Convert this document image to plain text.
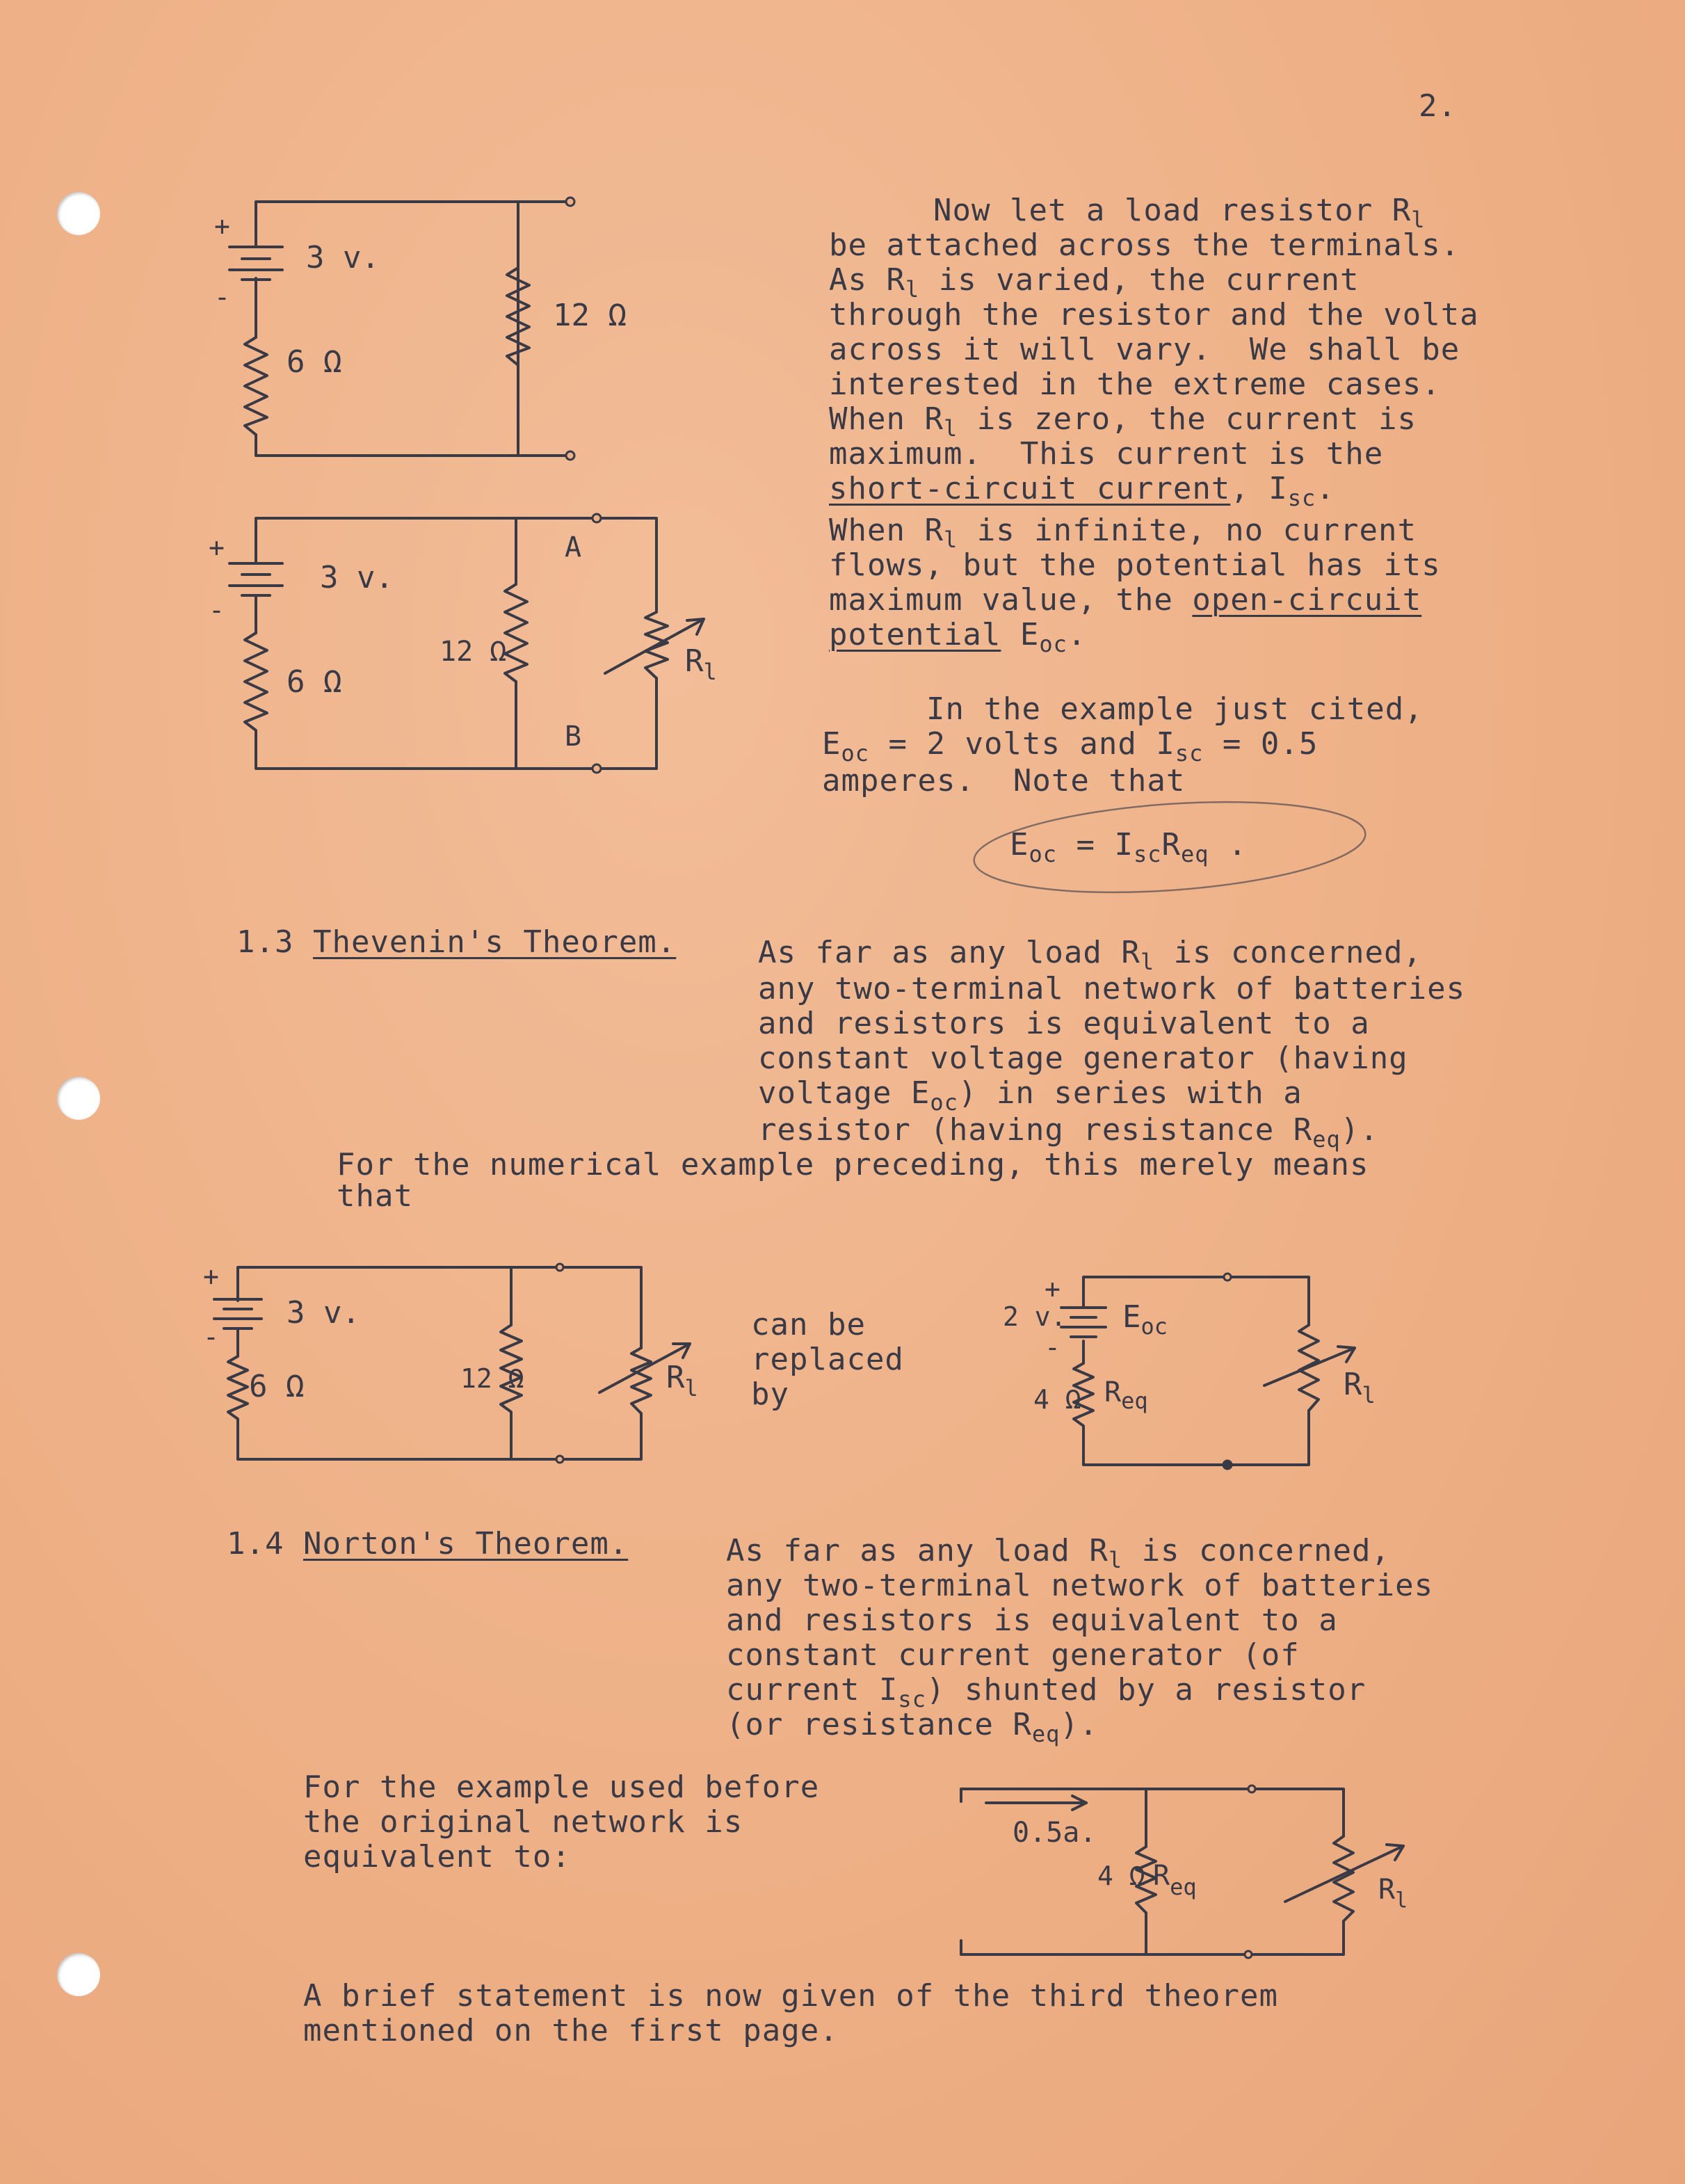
2.
Now let a load resistor $R_l$
be attached across the terminals.
As $R_l$ is varied, the current
through the resistor and the volta
across it will vary.  We shall be
interested in the extreme cases.
When $R_l$ is zero, the current is
maximum.  This current is the
short-circuit current, $I_{sc}$.
When $R_l$ is infinite, no current
flows, but the potential has its
maximum value, the open-circuit
potential $E_{oc}$.
In the example just cited,
$E_{oc} = 2$ volts and $I_{sc} = 0.5$
amperes.  Note that
$E_{oc} = I_{sc}R_{eq}$ .
1.3 Thevenin's Theorem.	As far as any load $R_l$ is concerned,
any two-terminal network of batteries
and resistors is equivalent to a
constant voltage generator (having
voltage $E_{oc}$) in series with a
resistor (having resistance $R_{eq}$).
For the numerical example preceding, this merely means
that
can be
replaced
by
1.4 Norton's Theorem.	As far as any load $R_l$ is concerned,
any two-terminal network of batteries
and resistors is equivalent to a
constant current generator (of
current $I_{sc}$) shunted by a resistor
(or resistance $R_{eq}$).
For the example used before
the original network is
equivalent to:
A brief statement is now given of the third theorem
mentioned on the first page.
+
-
3 v.
6 Ω
12 Ω
+
-
3 v.
6 Ω
12 Ω
A
B
$R_l$
+
-
3 v.
6 Ω	12 Ω	$R_l$
+
-
2 v. $E_{oc}$
4 Ω $R_{eq}$	$R_l$
0.5a.
4 Ω $R_{eq}$	$R_l$
